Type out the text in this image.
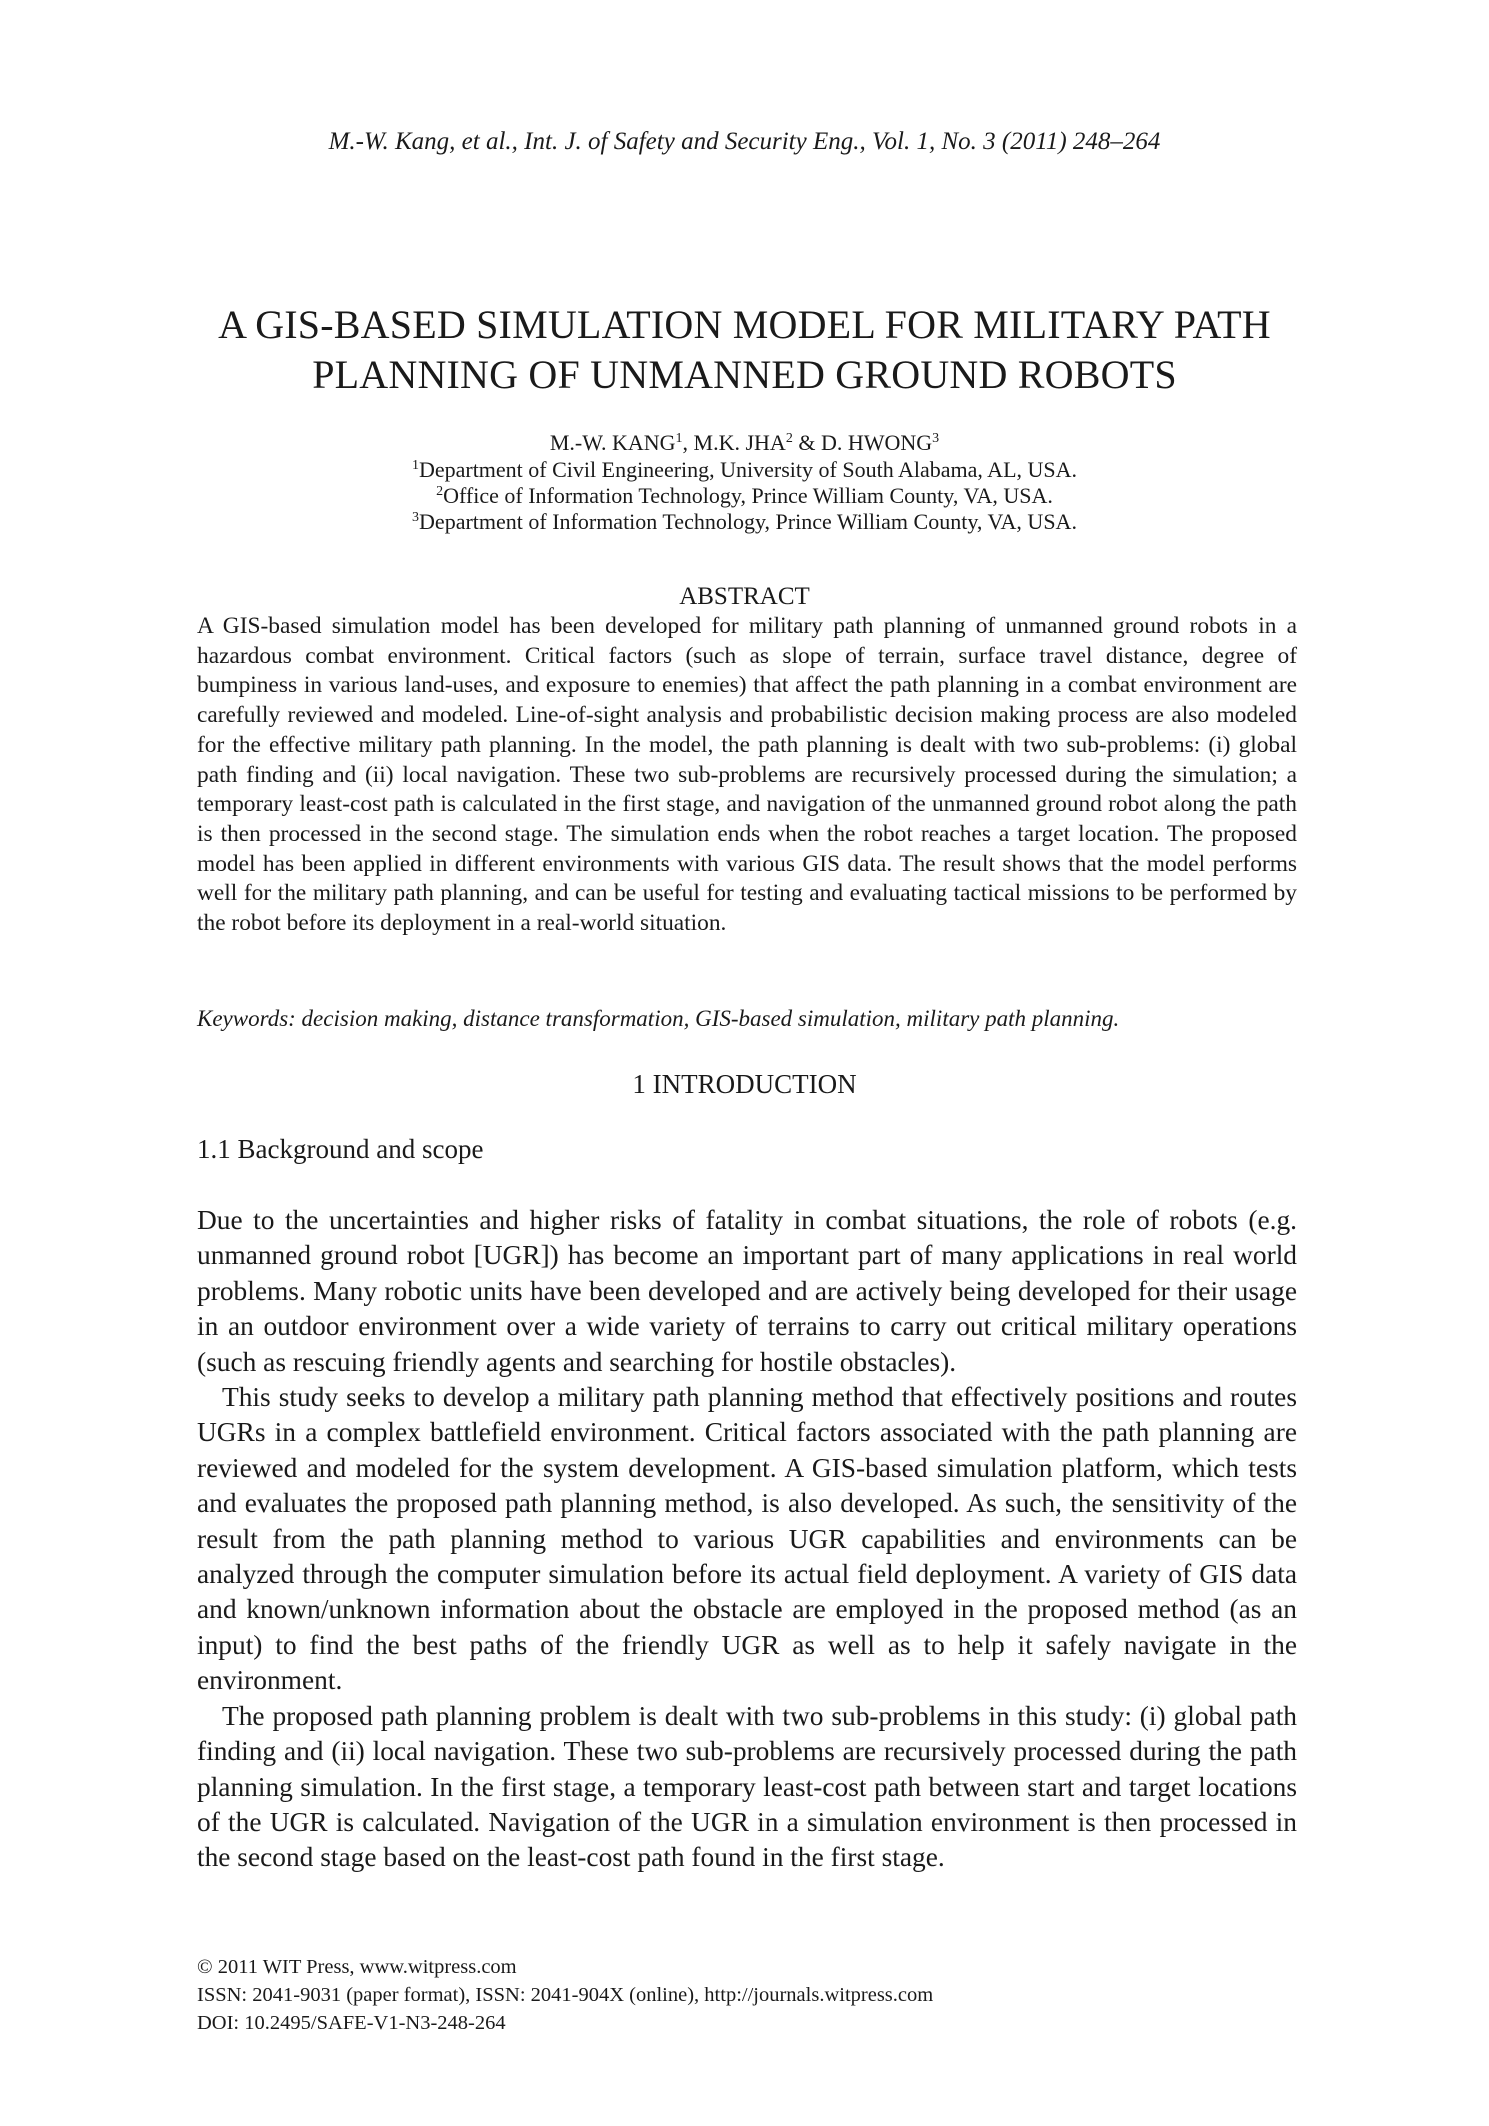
M.-W. Kang, et al., Int. J. of Safety and Security Eng., Vol. 1, No. 3 (2011) 248–264
A GIS-BASED SIMULATION MODEL FOR MILITARY PATH
PLANNING OF UNMANNED GROUND ROBOTS
M.-W. KANG$^1$, M.K. JHA$^2$ & D. HWONG$^3$
$^1$Department of Civil Engineering, University of South Alabama, AL, USA.
$^2$Office of Information Technology, Prince William County, VA, USA.
$^3$Department of Information Technology, Prince William County, VA, USA.
ABSTRACT

A GIS-based simulation model has been developed for military path planning of unmanned ground robots in a hazardous combat environment. Critical factors (such as slope of terrain, surface travel distance, degree of bumpiness in various land-uses, and exposure to enemies) that affect the path planning in a combat environment are carefully reviewed and modeled. Line-of-sight analysis and probabilistic decision making process are also modeled for the effective military path planning. In the model, the path planning is dealt with two sub-problems: (i) global path finding and (ii) local navigation. These two sub-problems are recursively processed during the simulation; a temporary least-cost path is calculated in the first stage, and navigation of the unmanned ground robot along the path is then processed in the second stage. The simulation ends when the robot reaches a target location. The proposed model has been applied in different environments with various GIS data. The result shows that the model performs well for the military path planning, and can be useful for testing and evaluating tactical missions to be performed by the robot before its deployment in a real-world situation.

Keywords: decision making, distance transformation, GIS-based simulation, military path planning.
1 INTRODUCTION
1.1 Background and scope

Due to the uncertainties and higher risks of fatality in combat situations, the role of robots (e.g. unmanned ground robot [UGR]) has become an important part of many applications in real world problems. Many robotic units have been developed and are actively being developed for their usage in an outdoor environment over a wide variety of terrains to carry out critical military operations (such as rescuing friendly agents and searching for hostile obstacles).

This study seeks to develop a military path planning method that effectively positions and routes UGRs in a complex battlefield environment. Critical factors associated with the path planning are reviewed and modeled for the system development. A GIS-based simulation platform, which tests and evaluates the proposed path planning method, is also developed. As such, the sensitivity of the result from the path planning method to various UGR capabilities and environments can be analyzed through the computer simulation before its actual field deployment. A variety of GIS data and known/unknown information about the obstacle are employed in the proposed method (as an input) to find the best paths of the friendly UGR as well as to help it safely navigate in the environment.

The proposed path planning problem is dealt with two sub-problems in this study: (i) global path finding and (ii) local navigation. These two sub-problems are recursively processed during the path planning simulation. In the first stage, a temporary least-cost path between start and target locations of the UGR is calculated. Navigation of the UGR in a simulation environment is then processed in the second stage based on the least-cost path found in the first stage.

© 2011 WIT Press, www.witpress.com
ISSN: 2041-9031 (paper format), ISSN: 2041-904X (online), http://journals.witpress.com
DOI: 10.2495/SAFE-V1-N3-248-264
